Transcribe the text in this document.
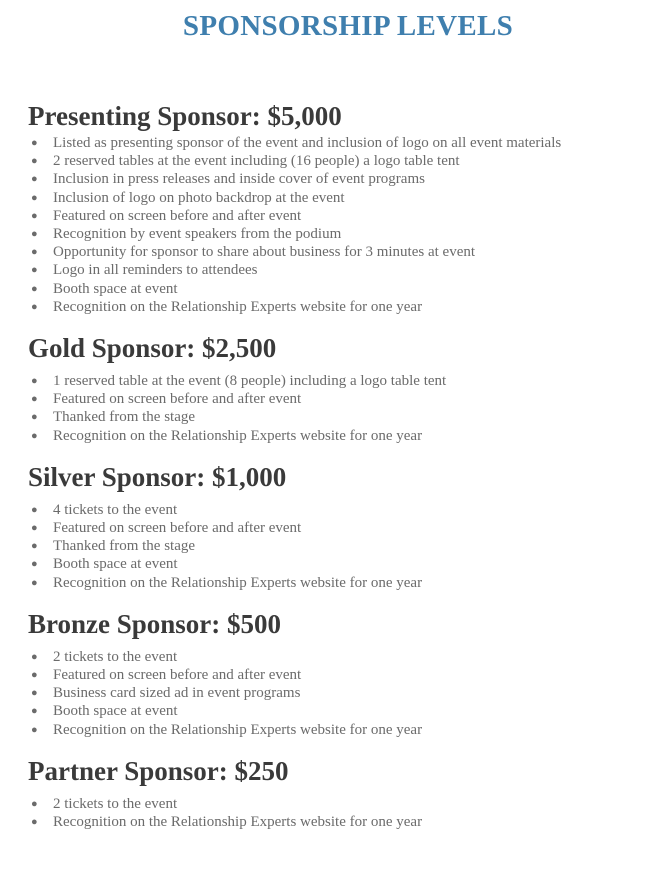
SPONSORSHIP LEVELS
Presenting Sponsor: $5,000
● Listed as presenting sponsor of the event and inclusion of logo on all event materials
● 2 reserved tables at the event including (16 people) a logo table tent
● Inclusion in press releases and inside cover of event programs
● Inclusion of logo on photo backdrop at the event
● Featured on screen before and after event
● Recognition by event speakers from the podium
● Opportunity for sponsor to share about business for 3 minutes at event
● Logo in all reminders to attendees
● Booth space at event
● Recognition on the Relationship Experts website for one year
Gold Sponsor: $2,500
● 1 reserved table at the event (8 people) including a logo table tent
● Featured on screen before and after event
● Thanked from the stage
● Recognition on the Relationship Experts website for one year
Silver Sponsor: $1,000
● 4 tickets to the event
● Featured on screen before and after event
● Thanked from the stage
● Booth space at event
● Recognition on the Relationship Experts website for one year
Bronze Sponsor: $500
● 2 tickets to the event
● Featured on screen before and after event
● Business card sized ad in event programs
● Booth space at event
● Recognition on the Relationship Experts website for one year
Partner Sponsor: $250
● 2 tickets to the event
● Recognition on the Relationship Experts website for one year
